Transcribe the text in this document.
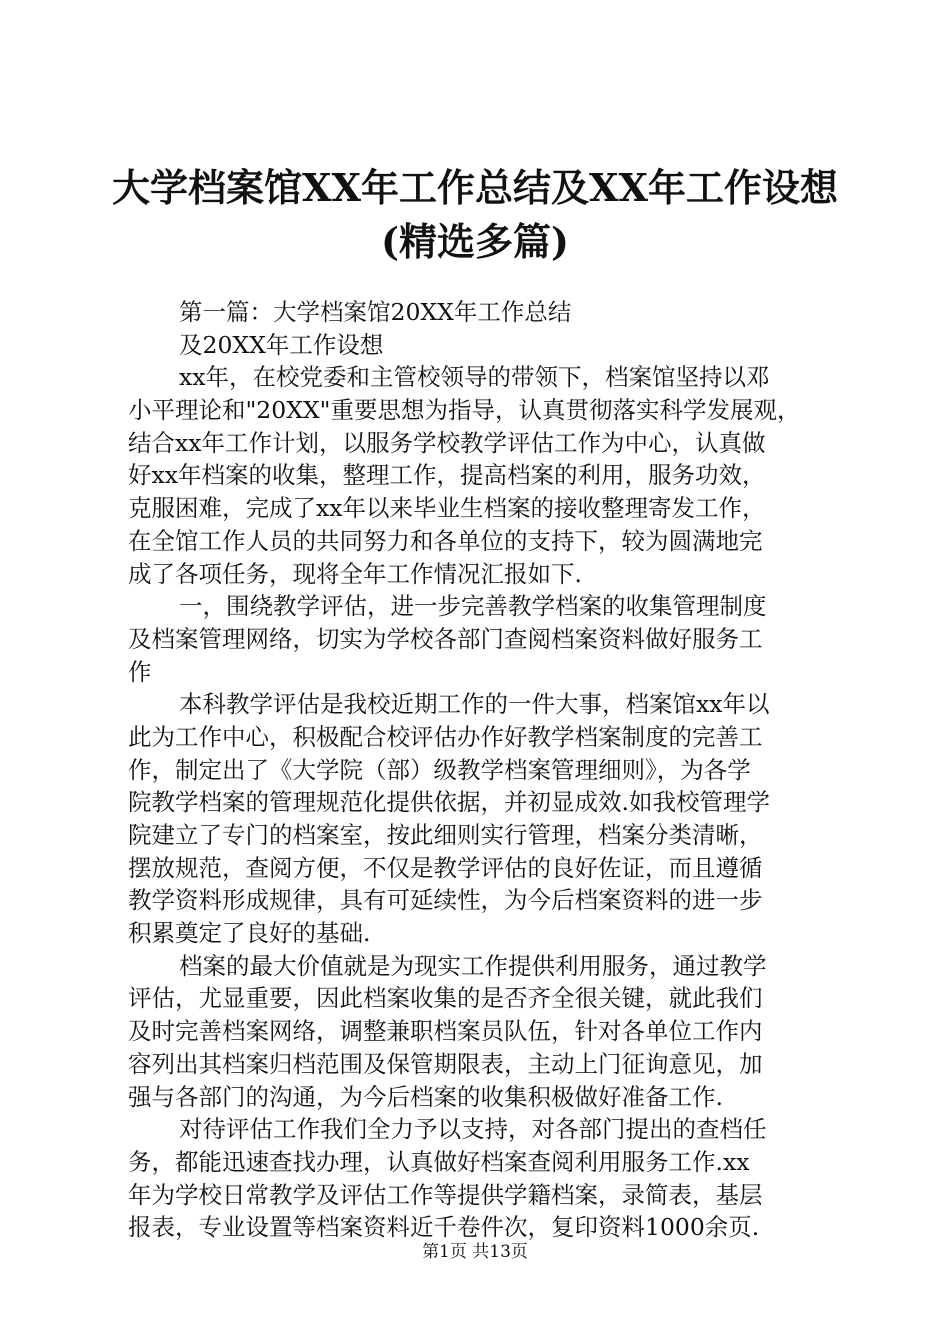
大学档案馆XX年工作总结及XX年工作设想
(精选多篇)
第一篇：大学档案馆20XX年工作总结
及20XX年工作设想
xx年，在校党委和主管校领导的带领下，档案馆坚持以邓
小平理论和"20XX"重要思想为指导，认真贯彻落实科学发展观，
结合xx年工作计划，以服务学校教学评估工作为中心，认真做
好xx年档案的收集，整理工作，提高档案的利用，服务功效，
克服困难，完成了xx年以来毕业生档案的接收整理寄发工作，
在全馆工作人员的共同努力和各单位的支持下，较为圆满地完
成了各项任务，现将全年工作情况汇报如下.
一，围绕教学评估，进一步完善教学档案的收集管理制度
及档案管理网络，切实为学校各部门查阅档案资料做好服务工
作
本科教学评估是我校近期工作的一件大事，档案馆xx年以
此为工作中心，积极配合校评估办作好教学档案制度的完善工
作，制定出了《大学院（部）级教学档案管理细则》，为各学
院教学档案的管理规范化提供依据，并初显成效.如我校管理学
院建立了专门的档案室，按此细则实行管理，档案分类清晰，
摆放规范，查阅方便，不仅是教学评估的良好佐证，而且遵循
教学资料形成规律，具有可延续性，为今后档案资料的进一步
积累奠定了良好的基础.
档案的最大价值就是为现实工作提供利用服务，通过教学
评估，尤显重要，因此档案收集的是否齐全很关键，就此我们
及时完善档案网络，调整兼职档案员队伍，针对各单位工作内
容列出其档案归档范围及保管期限表，主动上门征询意见，加
强与各部门的沟通，为今后档案的收集积极做好准备工作.
对待评估工作我们全力予以支持，对各部门提出的查档任
务，都能迅速查找办理，认真做好档案查阅利用服务工作.xx
年为学校日常教学及评估工作等提供学籍档案，录简表，基层
报表，专业设置等档案资料近千卷件次，复印资料1000余页.
第1页 共13页
